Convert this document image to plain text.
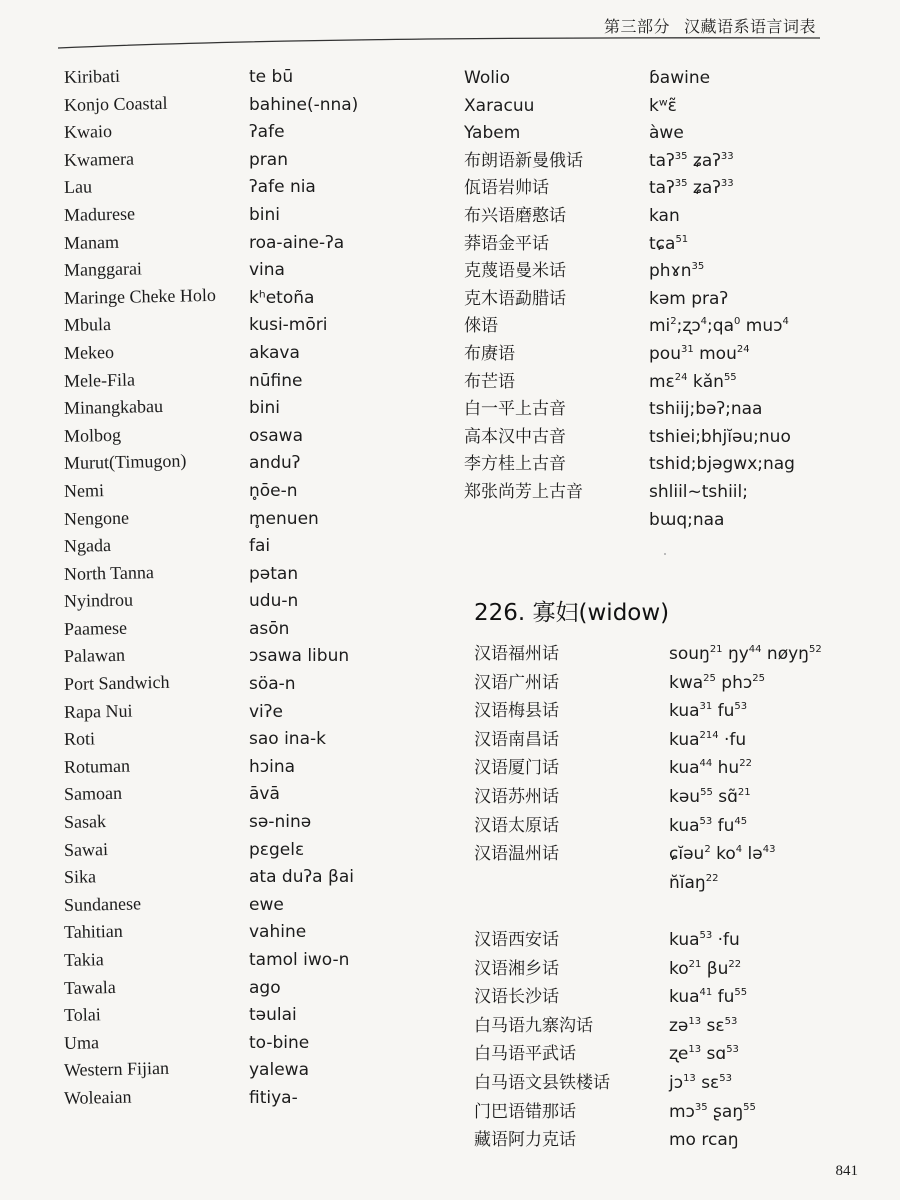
第三部分 汉藏语系语言词表
Kiribati	te bū
Konjo Coastal	bahine(-nna)
Kwaio	ʔafe
Kwamera	pran
Lau	ʔafe nia
Madurese	bini
Manam	roa-aine-ʔa
Manggarai	vina
Maringe Cheke Holo kʰetoña
Mbula	kusi-mōri
Mekeo	akava
Mele-Fila	nūfine
Minangkabau	bini
Molbog	osawa
Murut(Timugon)	anduʔ
Nemi	n̥ōe-n
Nengone	m̥enuen
Ngada	fai
North Tanna	pətan
Nyindrou	udu-n
Paamese	asōn
Palawan	ɔsawa libun
Port Sandwich	söa-n
Rapa Nui	viʔe
Roti	sao ina-k
Rotuman	hɔina
Samoan	āvā
Sasak	sə-ninə
Sawai	pɛgelɛ
Sika	ata duʔa βai
Sundanese	ewe
Tahitian	vahine
Takia	tamol iwo-n
Tawala	ago
Tolai	təulai
Uma	to-bine
Western Fijian	yalewa
Woleaian	fitiya-
Wolio	ɓawine
Xaracuu	kʷɛ̃
Yabem	àwe
布朗语新曼俄话	taʔ$^{35}$ ʑaʔ$^{33}$
佤语岩帅话	taʔ$^{35}$ ʑaʔ$^{33}$
布兴语磨憨话	kan
莽语金平话	tɕa$^{51}$
克蔑语曼米话	phɤn$^{35}$
克木语勐腊话	kəm praʔ
倈语	$mi^2;ʐɔ^4;qa^0$ muɔ$^4$
布赓语	pou$^{31}$ mou$^{24}$
布芒语	mɛ$^{24}$ kǎn$^{55}$
白一平上古音	tshiij;bəʔ;naa
高本汉中古音	tshiei;bhjĭǝu;nuo
李方桂上古音	tshid;bjəgwx;nag
郑张尚芳上古音	shliil~tshiil;
bɯq;naa
226. 寡妇(widow)
汉语福州话	souŋ$^{21}$ $ŋy^{44}$ nøyŋ$^{52}$
汉语广州话	kwa$^{25}$ phɔ$^{25}$
汉语梅县话	kua$^{31}$ $fu^{53}$
汉语南昌话	kua$^{214}$ ·fu
汉语厦门话	kua$^{44}$ $hu^{22}$
汉语苏州话	kəu$^{55}$ sɑ̃$^{21}$
汉语太原话	kua$^{53}$ $fu^{45}$
汉语温州话	ɕĭəu$^2$ $ko^4$ lə$^{43}$
n̆ĭaŋ$^{22}$
汉语西安话	kua$^{53}$ ·fu
汉语湘乡话	$ko^{21}$ $\beta u^{22}$
汉语长沙话	kua$^{41}$ $fu^{55}$
白马语九寨沟话	zə$^{13}$ sɛ$^{53}$
白马语平武话	ʐe$^{13}$ sɑ$^{53}$
白马语文县铁楼话	jɔ$^{13}$ sɛ$^{53}$
门巴语错那话	mɔ$^{35}$ ʂaŋ$^{55}$
藏语阿力克话	mo rcaŋ
841
